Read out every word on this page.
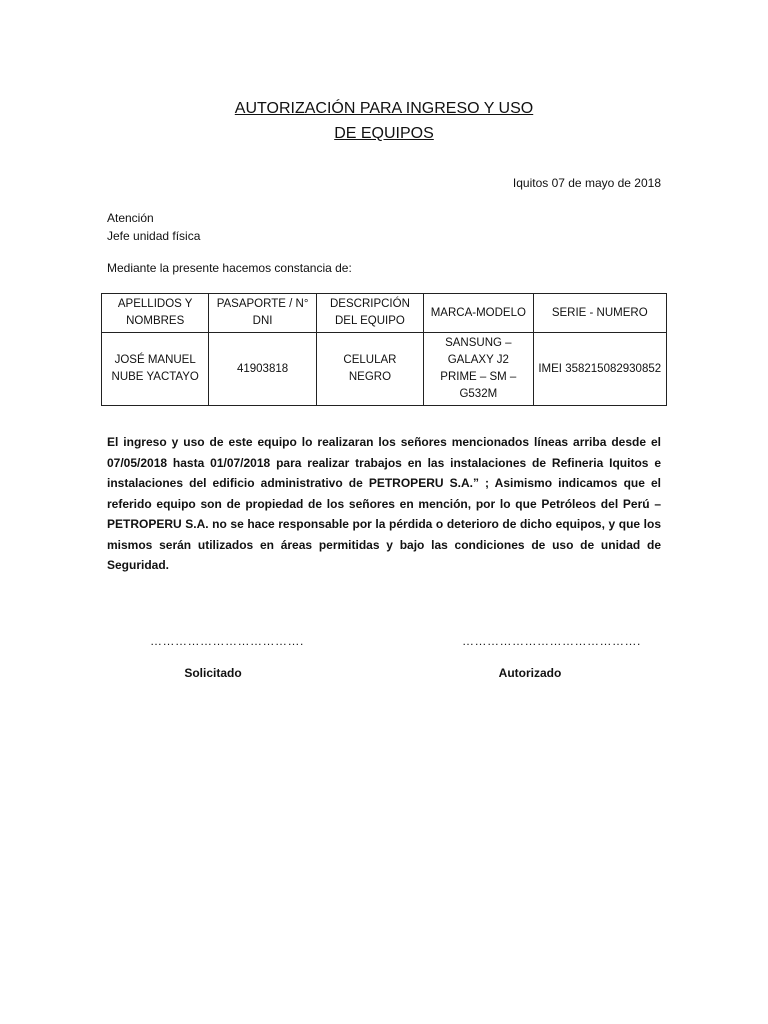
AUTORIZACIÓN PARA INGRESO Y USO
DE EQUIPOS
Iquitos 07 de mayo de 2018
Atención
Jefe unidad física
Mediante la presente hacemos constancia de:
APELLIDOS Y NOMBRES	PASAPORTE / N° DNI	DESCRIPCIÓN DEL EQUIPO	MARCA-MODELO	SERIE - NUMERO
JOSÉ MANUEL NUBE YACTAYO	41903818	CELULAR NEGRO	SANSUNG – GALAXY J2 PRIME – SM – G532M	IMEI 358215082930852
El ingreso y uso de este equipo lo realizaran los señores mencionados líneas arriba desde el 07/05/2018 hasta 01/07/2018 para realizar trabajos en las instalaciones de Refineria Iquitos e instalaciones del edificio administrativo de PETROPERU S.A.” ; Asimismo indicamos que el referido equipo son de propiedad de los señores en mención, por lo que Petróleos del Perú – PETROPERU S.A. no se hace responsable por la pérdida o deterioro de dicho equipos, y que los mismos serán utilizados en áreas permitidas y bajo las condiciones de uso de unidad de Seguridad.
……………………………….
Solicitado
…………………………………….
Autorizado
